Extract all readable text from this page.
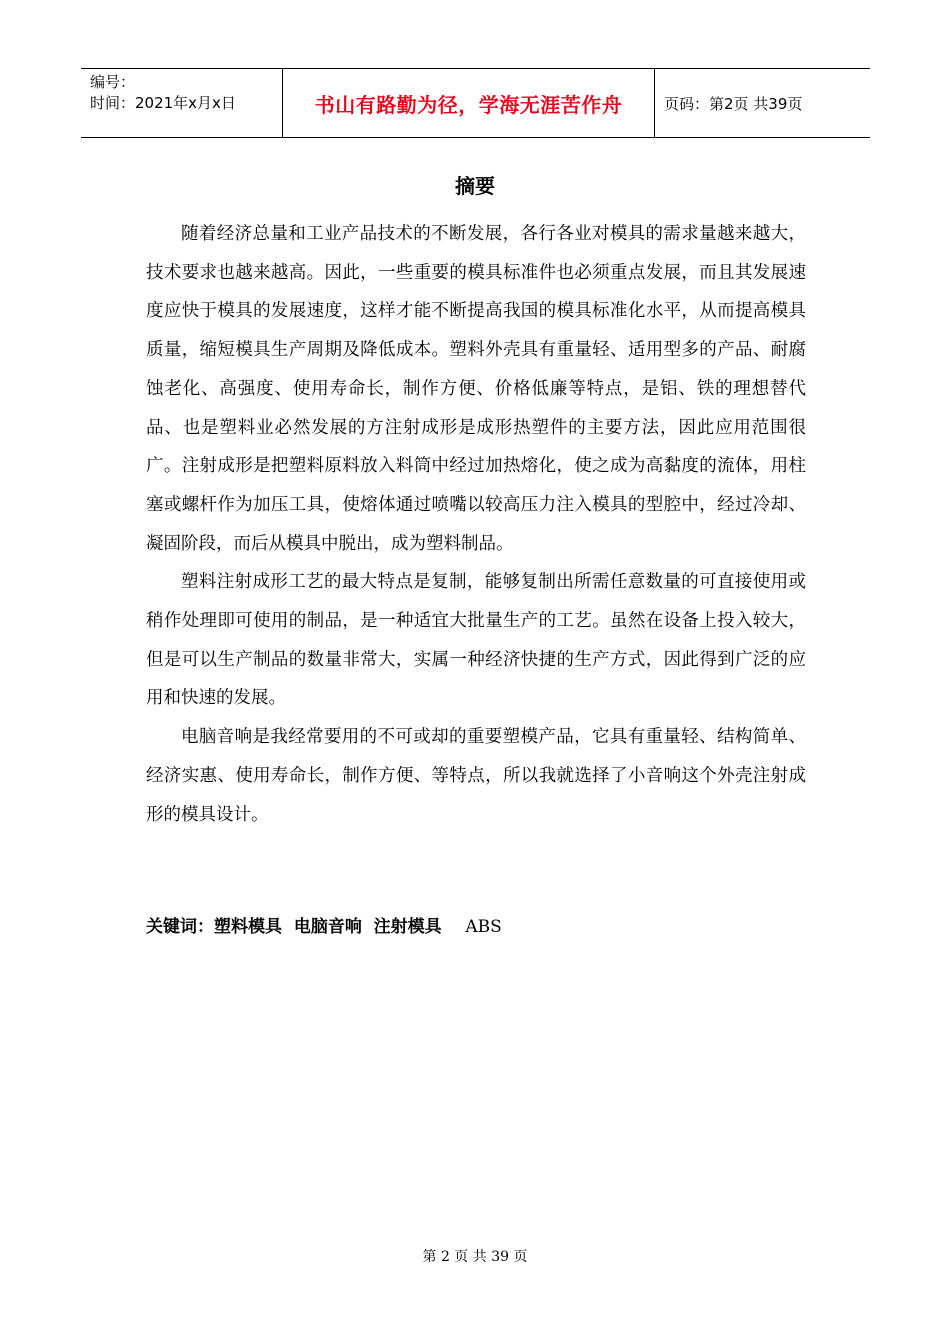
编号：
时间：2021年x月x日	书山有路勤为径，学海无涯苦作舟	页码：第2页 共39页
摘要

随着经济总量和工业产品技术的不断发展，各行各业对模具的需求量越来越大，技术要求也越来越高。因此，一些重要的模具标准件也必须重点发展，而且其发展速度应快于模具的发展速度，这样才能不断提高我国的模具标准化水平，从而提高模具质量，缩短模具生产周期及降低成本。塑料外壳具有重量轻、适用型多的产品、耐腐蚀老化、高强度、使用寿命长，制作方便、价格低廉等特点，是铝、铁的理想替代品、也是塑料业必然发展的方注射成形是成形热塑件的主要方法，因此应用范围很广。注射成形是把塑料原料放入料筒中经过加热熔化，使之成为高黏度的流体，用柱塞或螺杆作为加压工具，使熔体通过喷嘴以较高压力注入模具的型腔中，经过冷却、凝固阶段，而后从模具中脱出，成为塑料制品。

塑料注射成形工艺的最大特点是复制，能够复制出所需任意数量的可直接使用或稍作处理即可使用的制品，是一种适宜大批量生产的工艺。虽然在设备上投入较大，但是可以生产制品的数量非常大，实属一种经济快捷的生产方式，因此得到广泛的应用和快速的发展。

电脑音响是我经常要用的不可或却的重要塑模产品，它具有重量轻、结构简单、经济实惠、使用寿命长，制作方便、等特点，所以我就选择了小音响这个外壳注射成形的模具设计。

关键词：塑料模具  电脑音响  注射模具    ABS
第 2 页 共 39 页
